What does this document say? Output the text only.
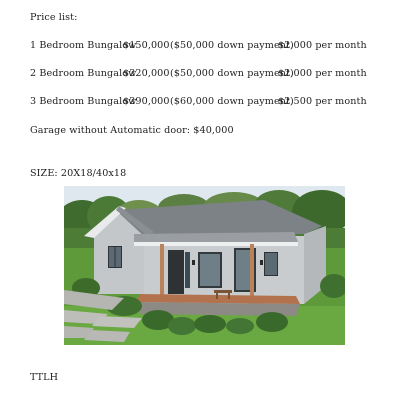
Price list:

1 Bedroom Bungalow
$150,000 ($50,000 down payment)
$2,000 per month
2 Bedroom Bungalow
$220,000 ($50,000 down payment)
$2,000 per month
3 Bedroom Bungalow
$290,000 ($60,000 down payment)
$2,500 per month

Garage without Automatic door: $40,000

SIZE: 20X18/40x18

TTLH
